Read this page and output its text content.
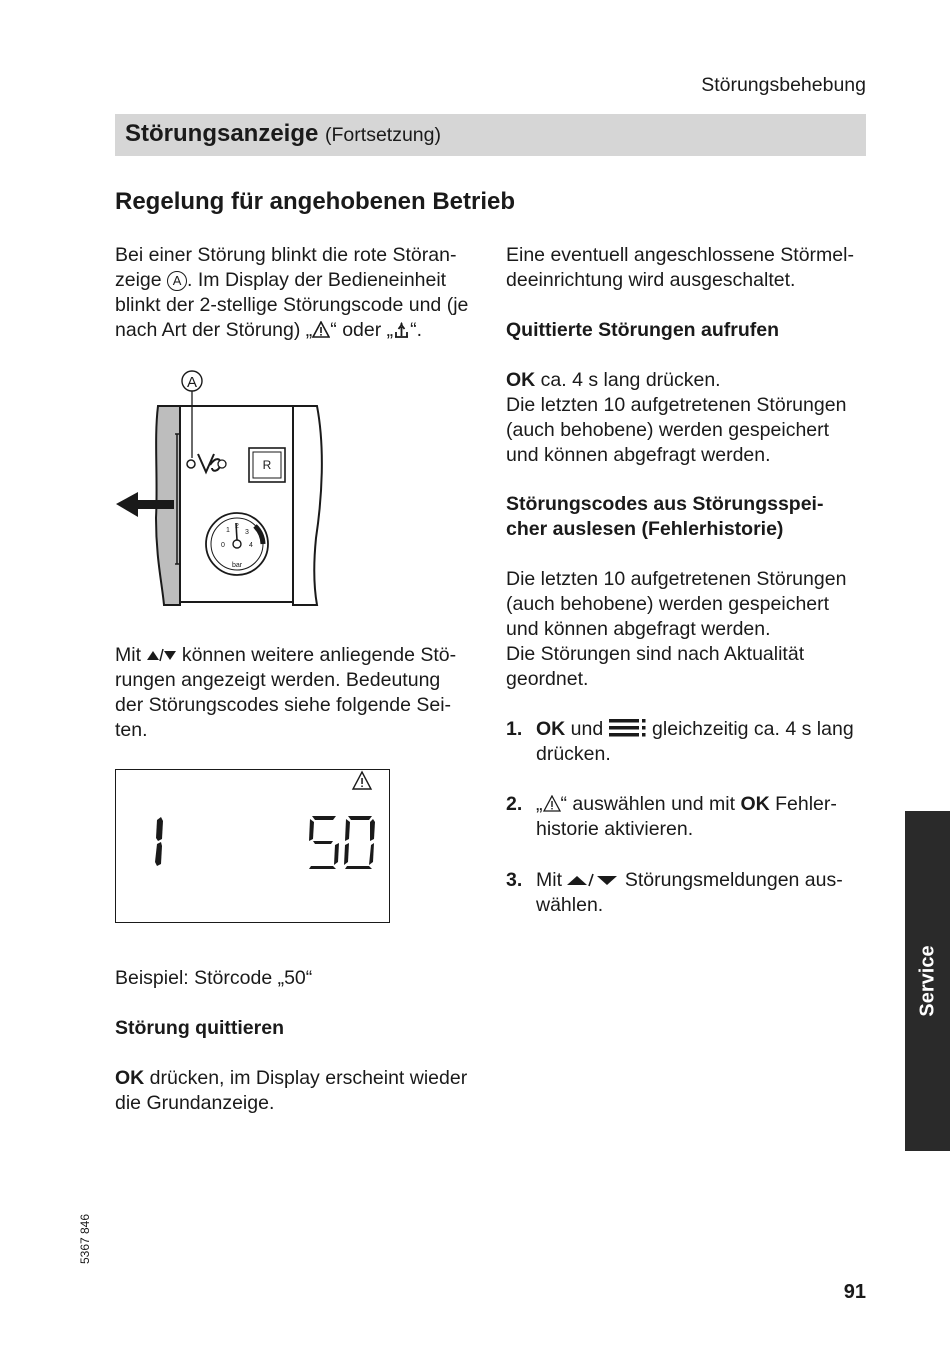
Störungsbehebung
Störungsanzeige (Fortsetzung)
Regelung für angehobenen Betrieb
Bei einer Störung blinkt die rote Störan-
zeige A . Im Display der Bedieneinheit
blinkt der 2-stellige Störungscode und (je
nach Art der Störung) „ “ oder „ “.
A
R
0
1
2
3
4
bar
Mit  können weitere anliegende Stö-
rungen angezeigt werden. Bedeutung
der Störungscodes siehe folgende Sei-
ten.
Beispiel: Störcode „50“
Störung quittieren
OK drücken, im Display erscheint wieder
die Grundanzeige.
Eine eventuell angeschlossene Störmel-
deeinrichtung wird ausgeschaltet.
Quittierte Störungen aufrufen
OK ca. 4 s lang drücken.
Die letzten 10 aufgetretenen Störungen
(auch behobene) werden gespeichert
und können abgefragt werden.
Störungscodes aus Störungsspei-
cher auslesen (Fehlerhistorie)
Die letzten 10 aufgetretenen Störungen
(auch behobene) werden gespeichert
und können abgefragt werden.
Die Störungen sind nach Aktualität
geordnet.
1. OK und  gleichzeitig ca. 4 s lang
drücken.
2. „ “ auswählen und mit OK Fehler-
historie aktivieren.
3. Mit	Störungsmeldungen aus-
wählen.
Service
5367 846
91
